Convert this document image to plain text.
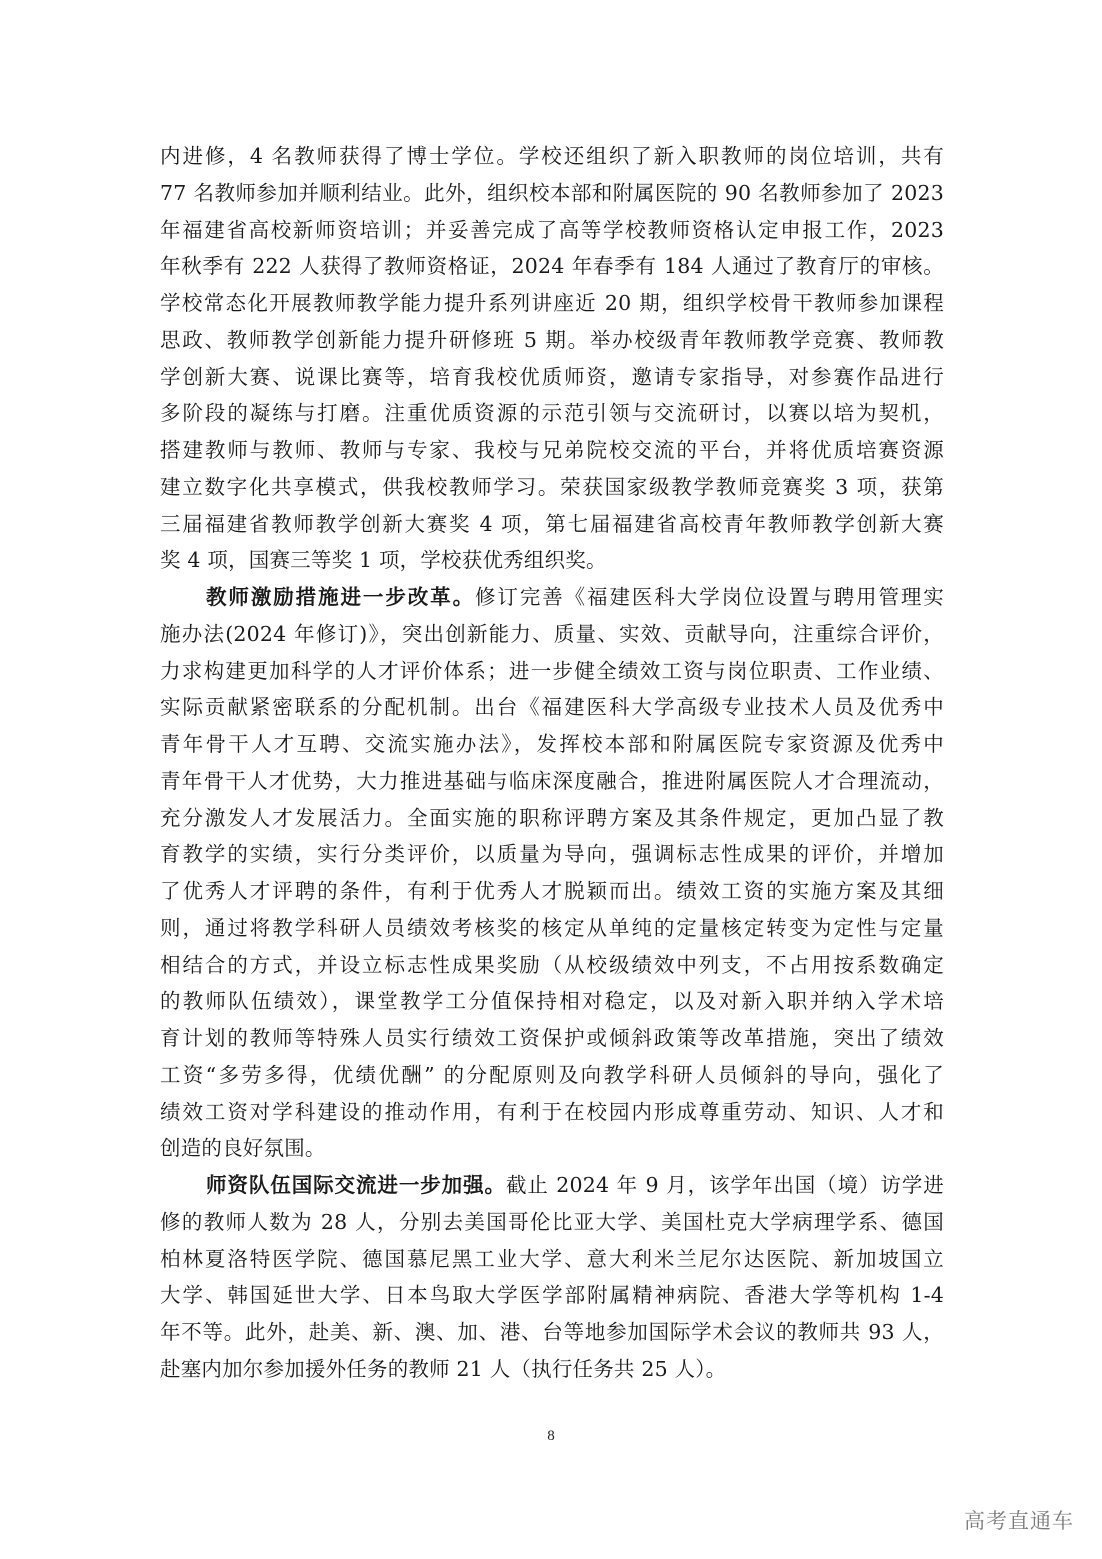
内进修，4 名教师获得了博士学位。学校还组织了新入职教师的岗位培训，共有
77 名教师参加并顺利结业。此外，组织校本部和附属医院的 90 名教师参加了 2023
年福建省高校新师资培训；并妥善完成了高等学校教师资格认定申报工作，2023
年秋季有 222 人获得了教师资格证，2024 年春季有 184 人通过了教育厅的审核。
学校常态化开展教师教学能力提升系列讲座近 20 期，组织学校骨干教师参加课程
思政、教师教学创新能力提升研修班 5 期。举办校级青年教师教学竞赛、教师教
学创新大赛、说课比赛等，培育我校优质师资，邀请专家指导，对参赛作品进行
多阶段的凝练与打磨。注重优质资源的示范引领与交流研讨，以赛以培为契机，
搭建教师与教师、教师与专家、我校与兄弟院校交流的平台，并将优质培赛资源
建立数字化共享模式，供我校教师学习。荣获国家级教学教师竞赛奖 3 项，获第
三届福建省教师教学创新大赛奖 4 项，第七届福建省高校青年教师教学创新大赛
奖 4 项，国赛三等奖 1 项，学校获优秀组织奖。
教师激励措施进一步改革。修订完善《福建医科大学岗位设置与聘用管理实
施办法(2024 年修订)》，突出创新能力、质量、实效、贡献导向，注重综合评价，
力求构建更加科学的人才评价体系；进一步健全绩效工资与岗位职责、工作业绩、
实际贡献紧密联系的分配机制。出台《福建医科大学高级专业技术人员及优秀中
青年骨干人才互聘、交流实施办法》，发挥校本部和附属医院专家资源及优秀中
青年骨干人才优势，大力推进基础与临床深度融合，推进附属医院人才合理流动，
充分激发人才发展活力。全面实施的职称评聘方案及其条件规定，更加凸显了教
育教学的实绩，实行分类评价，以质量为导向，强调标志性成果的评价，并增加
了优秀人才评聘的条件，有利于优秀人才脱颖而出。绩效工资的实施方案及其细
则，通过将教学科研人员绩效考核奖的核定从单纯的定量核定转变为定性与定量
相结合的方式，并设立标志性成果奖励（从校级绩效中列支，不占用按系数确定
的教师队伍绩效），课堂教学工分值保持相对稳定，以及对新入职并纳入学术培
育计划的教师等特殊人员实行绩效工资保护或倾斜政策等改革措施，突出了绩效
工资“多劳多得，优绩优酬” 的分配原则及向教学科研人员倾斜的导向，强化了
绩效工资对学科建设的推动作用，有利于在校园内形成尊重劳动、知识、人才和
创造的良好氛围。
师资队伍国际交流进一步加强。截止 2024 年 9 月，该学年出国（境）访学进
修的教师人数为 28 人，分别去美国哥伦比亚大学、美国杜克大学病理学系、德国
柏林夏洛特医学院、德国慕尼黑工业大学、意大利米兰尼尔达医院、新加坡国立
大学、韩国延世大学、日本鸟取大学医学部附属精神病院、香港大学等机构 1-4
年不等。此外，赴美、新、澳、加、港、台等地参加国际学术会议的教师共 93 人，
赴塞内加尔参加援外任务的教师 21 人（执行任务共 25 人）。
8
高考直通车
